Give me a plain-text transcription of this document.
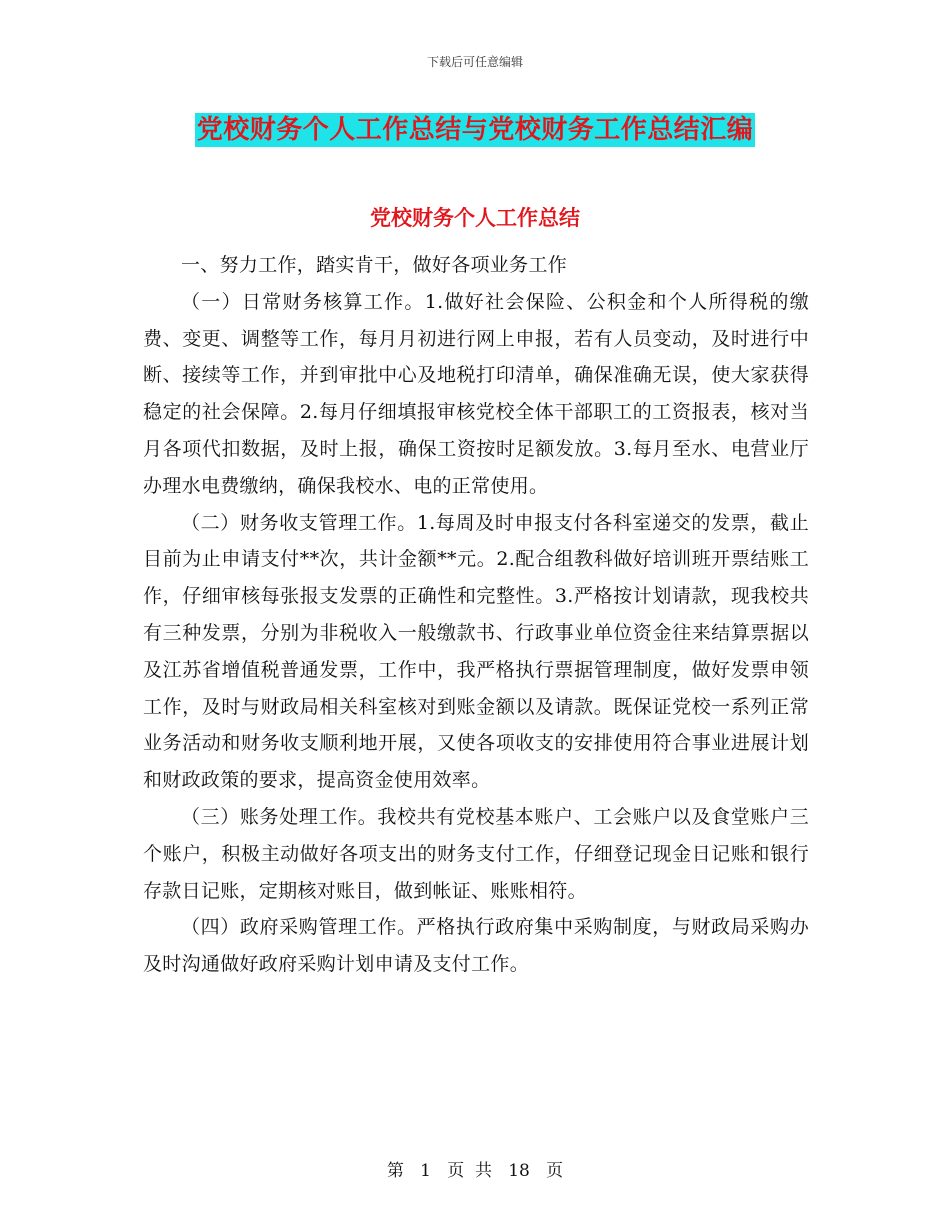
下载后可任意编辑
党校财务个人工作总结与党校财务工作总结汇编
党校财务个人工作总结

一、努力工作，踏实肯干，做好各项业务工作

（一）日常财务核算工作。1.做好社会保险、公积金和个人所得税的缴费、变更、调整等工作，每月月初进行网上申报，若有人员变动，及时进行中断、接续等工作，并到审批中心及地税打印清单，确保准确无误，使大家获得稳定的社会保障。2.每月仔细填报审核党校全体干部职工的工资报表，核对当月各项代扣数据，及时上报，确保工资按时足额发放。3.每月至水、电营业厅办理水电费缴纳，确保我校水、电的正常使用。

（二）财务收支管理工作。1.每周及时申报支付各科室递交的发票，截止目前为止申请支付**次，共计金额**元。2.配合组教科做好培训班开票结账工作，仔细审核每张报支发票的正确性和完整性。3.严格按计划请款，现我校共有三种发票，分别为非税收入一般缴款书、行政事业单位资金往来结算票据以及江苏省增值税普通发票，工作中，我严格执行票据管理制度，做好发票申领工作，及时与财政局相关科室核对到账金额以及请款。既保证党校一系列正常业务活动和财务收支顺利地开展，又使各项收支的安排使用符合事业进展计划和财政政策的要求，提高资金使用效率。

（三）账务处理工作。我校共有党校基本账户、工会账户以及食堂账户三个账户，积极主动做好各项支出的财务支付工作，仔细登记现金日记账和银行存款日记账，定期核对账目，做到帐证、账账相符。

（四）政府采购管理工作。严格执行政府集中采购制度，与财政局采购办及时沟通做好政府采购计划申请及支付工作。

第 1 页  共 18 页
